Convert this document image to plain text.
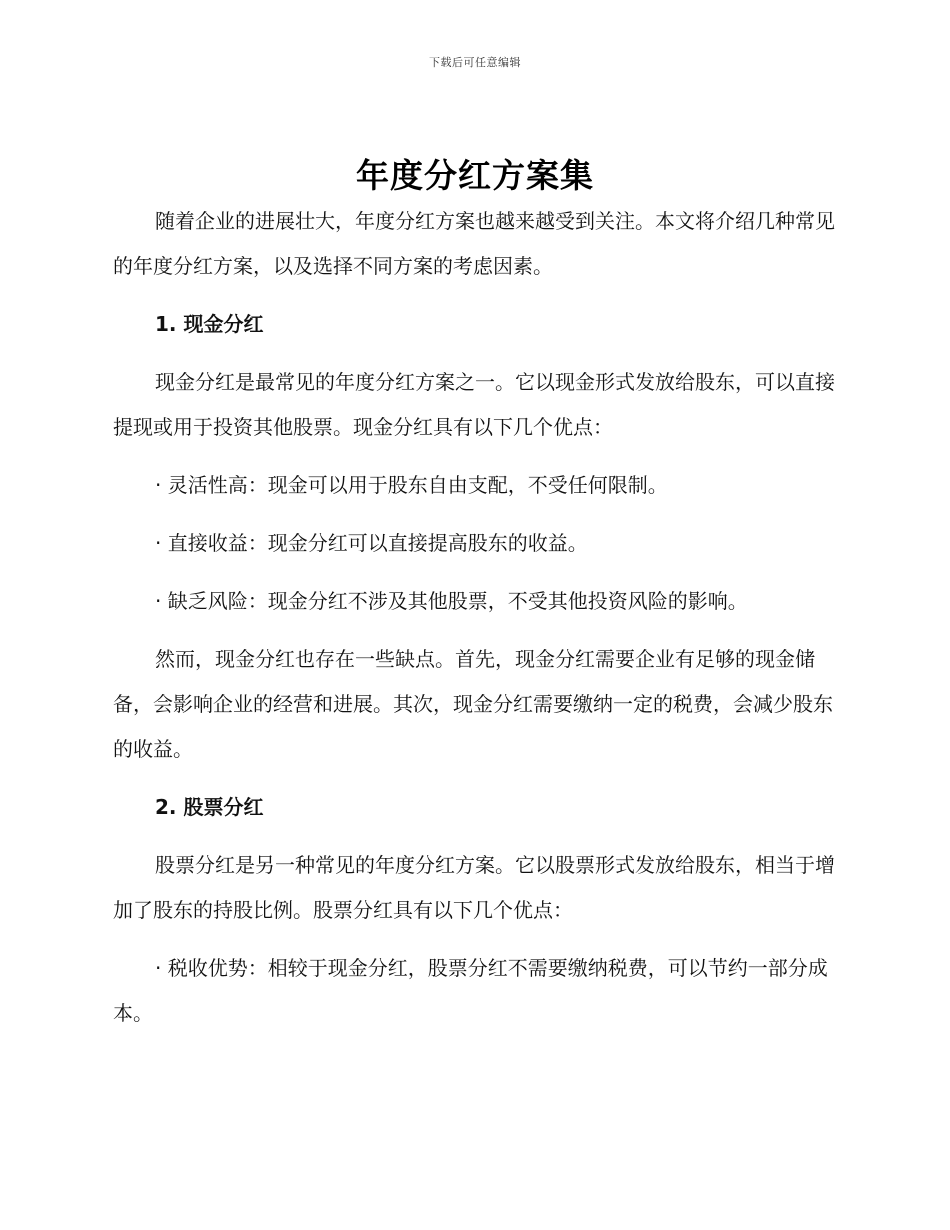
下载后可任意编辑
年度分红方案集

随着企业的进展壮大，年度分红方案也越来越受到关注。本文将介绍几种常见的年度分红方案，以及选择不同方案的考虑因素。

1. 现金分红

现金分红是最常见的年度分红方案之一。它以现金形式发放给股东，可以直接提现或用于投资其他股票。现金分红具有以下几个优点：

· 灵活性高：现金可以用于股东自由支配，不受任何限制。

· 直接收益：现金分红可以直接提高股东的收益。

· 缺乏风险：现金分红不涉及其他股票，不受其他投资风险的影响。

然而，现金分红也存在一些缺点。首先，现金分红需要企业有足够的现金储备，会影响企业的经营和进展。其次，现金分红需要缴纳一定的税费，会减少股东的收益。

2. 股票分红

股票分红是另一种常见的年度分红方案。它以股票形式发放给股东，相当于增加了股东的持股比例。股票分红具有以下几个优点：

· 税收优势：相较于现金分红，股票分红不需要缴纳税费，可以节约一部分成本。
